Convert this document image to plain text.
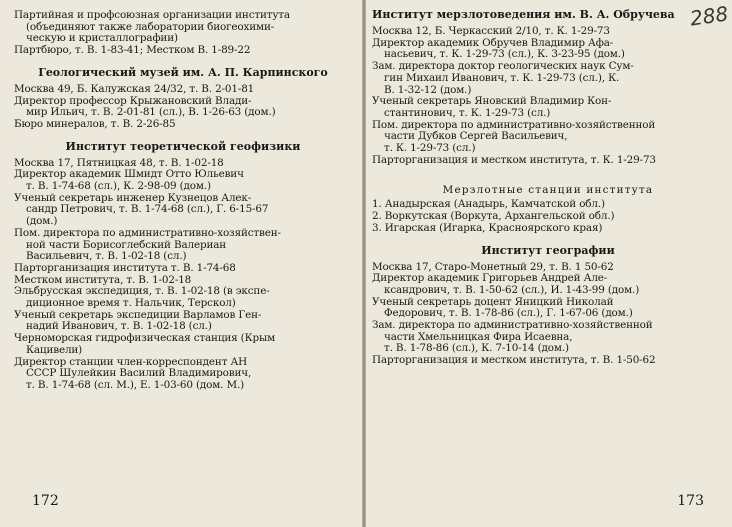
Партийная и профсоюзная организации института
(объединяют также лаборатории биогеохими-
ческую и кристаллографии)
Партбюро, т. В. 1-83-41; Местком В. 1-89-22
Геологический музей им. А. П. Карпинского
Москва 49, Б. Калужская 24/32, т. В. 2-01-81
Директор профессор Крыжановский Влади-
мир Ильич, т. В. 2-01-81 (сл.), В. 1-26-63 (дом.)
Бюро минералов, т. В. 2-26-85
Институт теоретической геофизики
Москва 17, Пятницкая 48, т. В. 1-02-18
Директор академик Шмидт Отто Юльевич
т. В. 1-74-68 (сл.), К. 2-98-09 (дом.)
Ученый секретарь инженер Кузнецов Алек-
сандр Петрович, т. В. 1-74-68 (сл.), Г. 6-15-67
(дом.)
Пом. директора по административно-хозяйствен-
ной части Борисоглебский Валериан
Васильевич, т. В. 1-02-18 (сл.)
Парторганизация института т. В. 1-74-68
Местком института, т. В. 1-02-18
Эльбрусская экспедиция, т. В. 1-02-18 (в экспе-
диционное время т. Нальчик, Терскол)
Ученый секретарь экспедиции Варламов Ген-
надий Иванович, т. В. 1-02-18 (сл.)
Черноморская гидрофизическая станция (Крым
Кацивели)
Директор станции член-корреспондент АН
СССР Шулейкин Василий Владимирович,
т. В. 1-74-68 (сл. М.), Е. 1-03-60 (дом. М.)
172
288
Институт мерзлотоведения им. В. А. Обручева
Москва 12, Б. Черкасский 2/10, т. К. 1-29-73
Директор академик Обручев Владимир Афа-
насьевич, т. К. 1-29-73 (сл.), К. 3-23-95 (дом.)
Зам. директора доктор геологических наук Сум-
гин Михаил Иванович, т. К. 1-29-73 (сл.), К.
В. 1-32-12 (дом.)
Ученый секретарь Яновский Владимир Кон-
стантинович, т. К. 1-29-73 (сл.)
Пом. директора по административно-хозяйственной
части Дубков Сергей Васильевич,
т. К. 1-29-73 (сл.)
Парторганизация и местком института, т. К. 1-29-73
Мерзлотные станции института
1. Анадырская (Анадырь, Камчатской обл.)
2. Воркутская (Воркута, Архангельской обл.)
3. Игарская (Игарка, Красноярского края)
Институт географии
Москва 17, Старо-Монетный 29, т. В. 1 50-62
Директор академик Григорьев Андрей Але-
ксандрович, т. В. 1-50-62 (сл.), И. 1-43-99 (дом.)
Ученый секретарь доцент Яницкий Николай
Федорович, т. В. 1-78-86 (сл.), Г. 1-67-06 (дом.)
Зам. директора по административно-хозяйственной
части Хмельницкая Фира Исаевна,
т. В. 1-78-86 (сл.), К. 7-10-14 (дом.)
Парторганизация и местком института, т. В. 1-50-62
173
